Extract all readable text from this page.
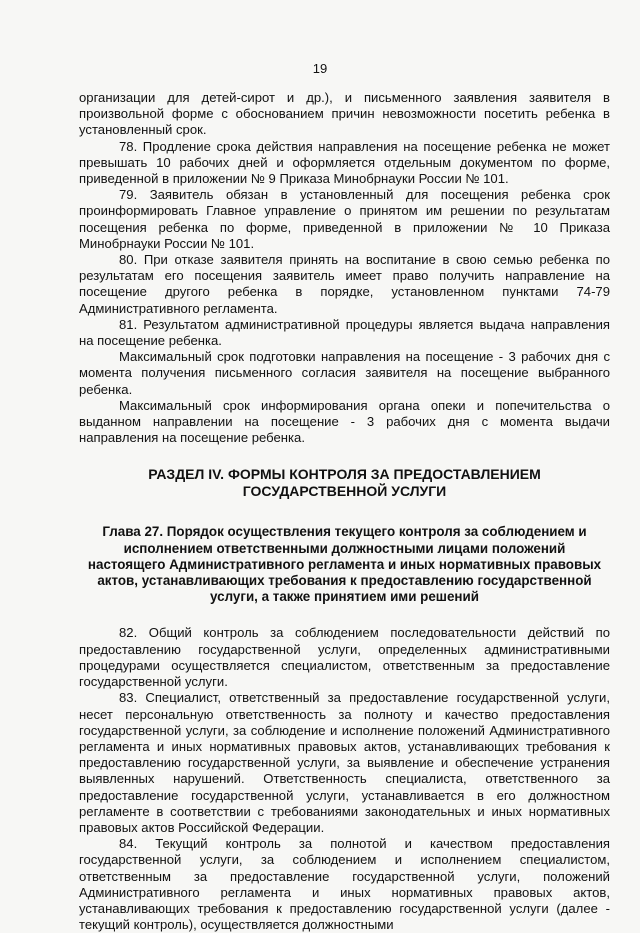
19

организации для детей-сирот и др.), и письменного заявления заявителя в произвольной форме с обоснованием причин невозможности посетить ребенка в установленный срок.

78. Продление срока действия направления на посещение ребенка не может превышать 10 рабочих дней и оформляется отдельным документом по форме, приведенной в приложении № 9 Приказа Минобрнауки России № 101.

79. Заявитель обязан в установленный для посещения ребенка срок проинформировать Главное управление о принятом им решении по результатам посещения ребенка по форме, приведенной в приложении № 10 Приказа Минобрнауки России № 101.

80. При отказе заявителя принять на воспитание в свою семью ребенка по результатам его посещения заявитель имеет право получить направление на посещение другого ребенка в порядке, установленном пунктами 74-79 Административного регламента.

81. Результатом административной процедуры является выдача направления на посещение ребенка.

Максимальный срок подготовки направления на посещение - 3 рабочих дня с момента получения письменного согласия заявителя на посещение выбранного ребенка.

Максимальный срок информирования органа опеки и попечительства о выданном направлении на посещение - 3 рабочих дня с момента выдачи направления на посещение ребенка.

РАЗДЕЛ IV. ФОРМЫ КОНТРОЛЯ ЗА ПРЕДОСТАВЛЕНИЕМ ГОСУДАРСТВЕННОЙ УСЛУГИ
Глава 27. Порядок осуществления текущего контроля за соблюдением и исполнением ответственными должностными лицами положений настоящего Административного регламента и иных нормативных правовых актов, устанавливающих требования к предоставлению государственной услуги, а также принятием ими решений

82. Общий контроль за соблюдением последовательности действий по предоставлению государственной услуги, определенных административными процедурами осуществляется специалистом, ответственным за предоставление государственной услуги.

83. Специалист, ответственный за предоставление государственной услуги, несет персональную ответственность за полноту и качество предоставления государственной услуги, за соблюдение и исполнение положений Административного регламента и иных нормативных правовых актов, устанавливающих требования к предоставлению государственной услуги, за выявление и обеспечение устранения выявленных нарушений. Ответственность специалиста, ответственного за предоставление государственной услуги, устанавливается в его должностном регламенте в соответствии с требованиями законодательных и иных нормативных правовых актов Российской Федерации.

84. Текущий контроль за полнотой и качеством предоставления государственной услуги, за соблюдением и исполнением специалистом, ответственным за предоставление государственной услуги, положений Административного регламента и иных нормативных правовых актов, устанавливающих требования к предоставлению государственной услуги (далее - текущий контроль), осуществляется должностными
